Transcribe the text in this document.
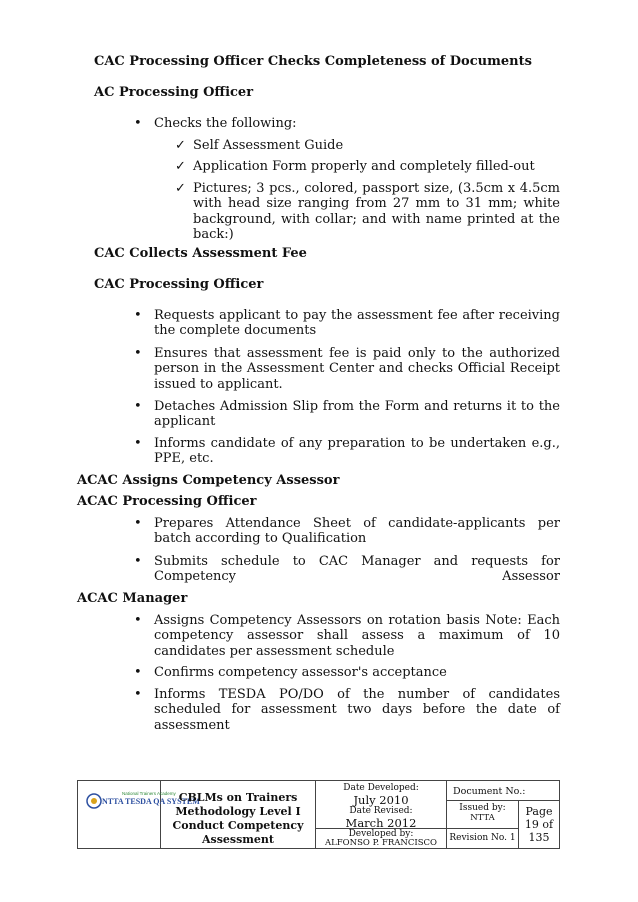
CAC Processing Officer Checks Completeness of Documents
AC Processing Officer
• Checks the following:
✓ Self Assessment Guide
✓ Application Form properly and completely filled-out
✓ Pictures; 3 pcs., colored, passport size, (3.5cm x 4.5cm with head size ranging from 27 mm to 31 mm; white background, with collar; and with name printed at the back:)
CAC Collects Assessment Fee
CAC Processing Officer
• Requests applicant to pay the assessment fee after receiving the complete documents
• Ensures that assessment fee is paid only to the authorized person in the Assessment Center and checks Official Receipt issued to applicant.
• Detaches Admission Slip from the Form and returns it to the applicant
• Informs candidate of any preparation to be undertaken e.g., PPE, etc.
ACAC Assigns Competency Assessor
ACAC Processing Officer
• Prepares Attendance Sheet of candidate-applicants per batch according to Qualification
• Submits schedule to CAC Manager and requests for Competency Assessor
ACAC Manager
• Assigns Competency Assessors on rotation basis Note: Each competency assessor shall assess a maximum of 10 candidates per assessment schedule
• Confirms competency assessor's acceptance
• Informs TESDA PO/DO of the number of candidates scheduled for assessment two days before the date of assessment
NTTA TESDA QA SYSTEM
National Trainers Academy CBLMs on Trainers
Methodology Level I
Conduct Competency
Assessment
Date Developed:
July 2010
Date Revised:
March 2012
Developed by:
ALFONSO P. FRANCISCO
Document No.:
Issued by:
NTTA
Revision No. 1
Page
19 of
135
